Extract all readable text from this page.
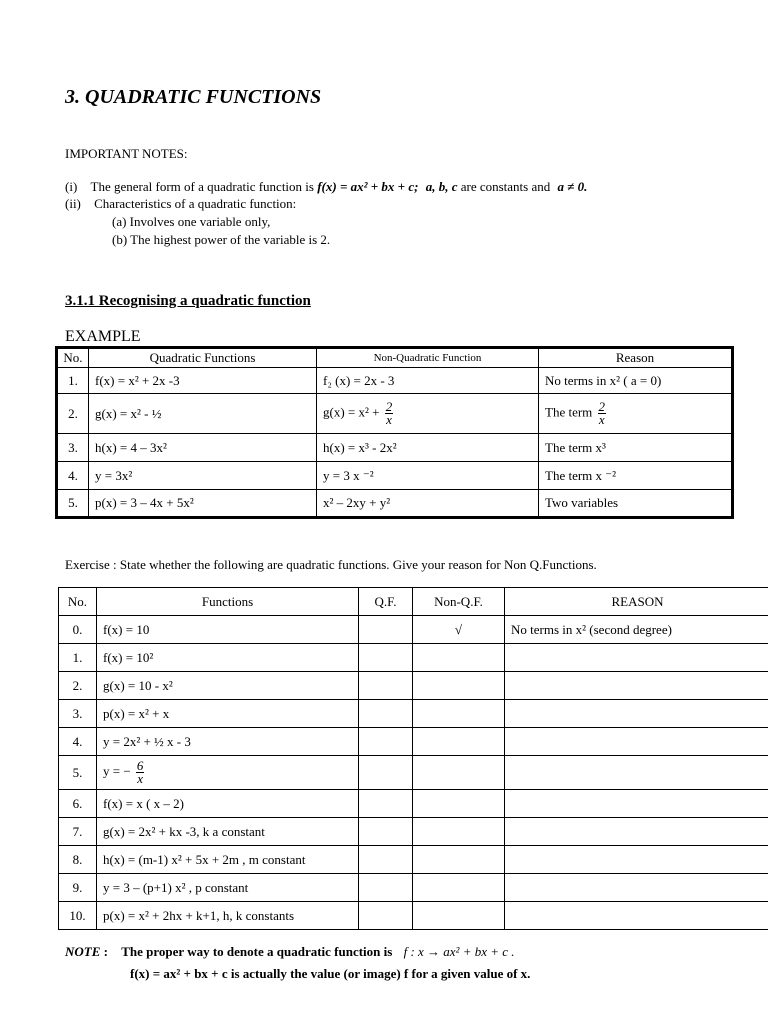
3. QUADRATIC FUNCTIONS
IMPORTANT NOTES:
(i) The general form of a quadratic function is f(x) = ax² + bx + c; a, b, c are constants and a ≠ 0.
(ii) Characteristics of a quadratic function:
(a) Involves one variable only,
(b) The highest power of the variable is 2.
3.1.1 Recognising a quadratic function
EXAMPLE
No.	Quadratic Functions	Non-Quadratic Function	Reason
1.	f(x) = x² + 2x -3	f₂ (x) = 2x - 3	No terms in x² ( a = 0)
2.	g(x) = x² - ½	$g(x) = x^2 + \frac{2}{x}$	The term $\frac{2}{x}$

3.	h(x) = 4 – 3x²	h(x) = x³ - 2x²	The term x³
4.	y = 3x²	y = 3 x ⁻²	The term x ⁻²
5.	p(x) = 3 – 4x + 5x²	x² – 2xy + y²	Two variables
Exercise : State whether the following are quadratic functions. Give your reason for Non Q.Functions.
No.	Functions	Q.F.	Non-Q.F.	REASON
0.	f(x) = 10		√	No terms in x² (second degree)
1.	f(x) = 10²			
2.	g(x) = 10 - x²			
3.	p(x) = x² + x			
4.	y = 2x² + ½ x - 3			
5.	y = − $\frac{6}{x}$

6.	f(x) = x ( x – 2)			
7.	g(x) = 2x² + kx -3, k a constant			
8.	h(x) = (m-1) x² + 5x + 2m , m constant			
9.	y = 3 – (p+1) x² , p constant			
10.	p(x) = x² + 2hx + k+1, h, k constants			
NOTE : The proper way to denote a quadratic function is f : x → ax² + bx + c .
f(x) = ax² + bx + c is actually the value (or image) f for a given value of x.
